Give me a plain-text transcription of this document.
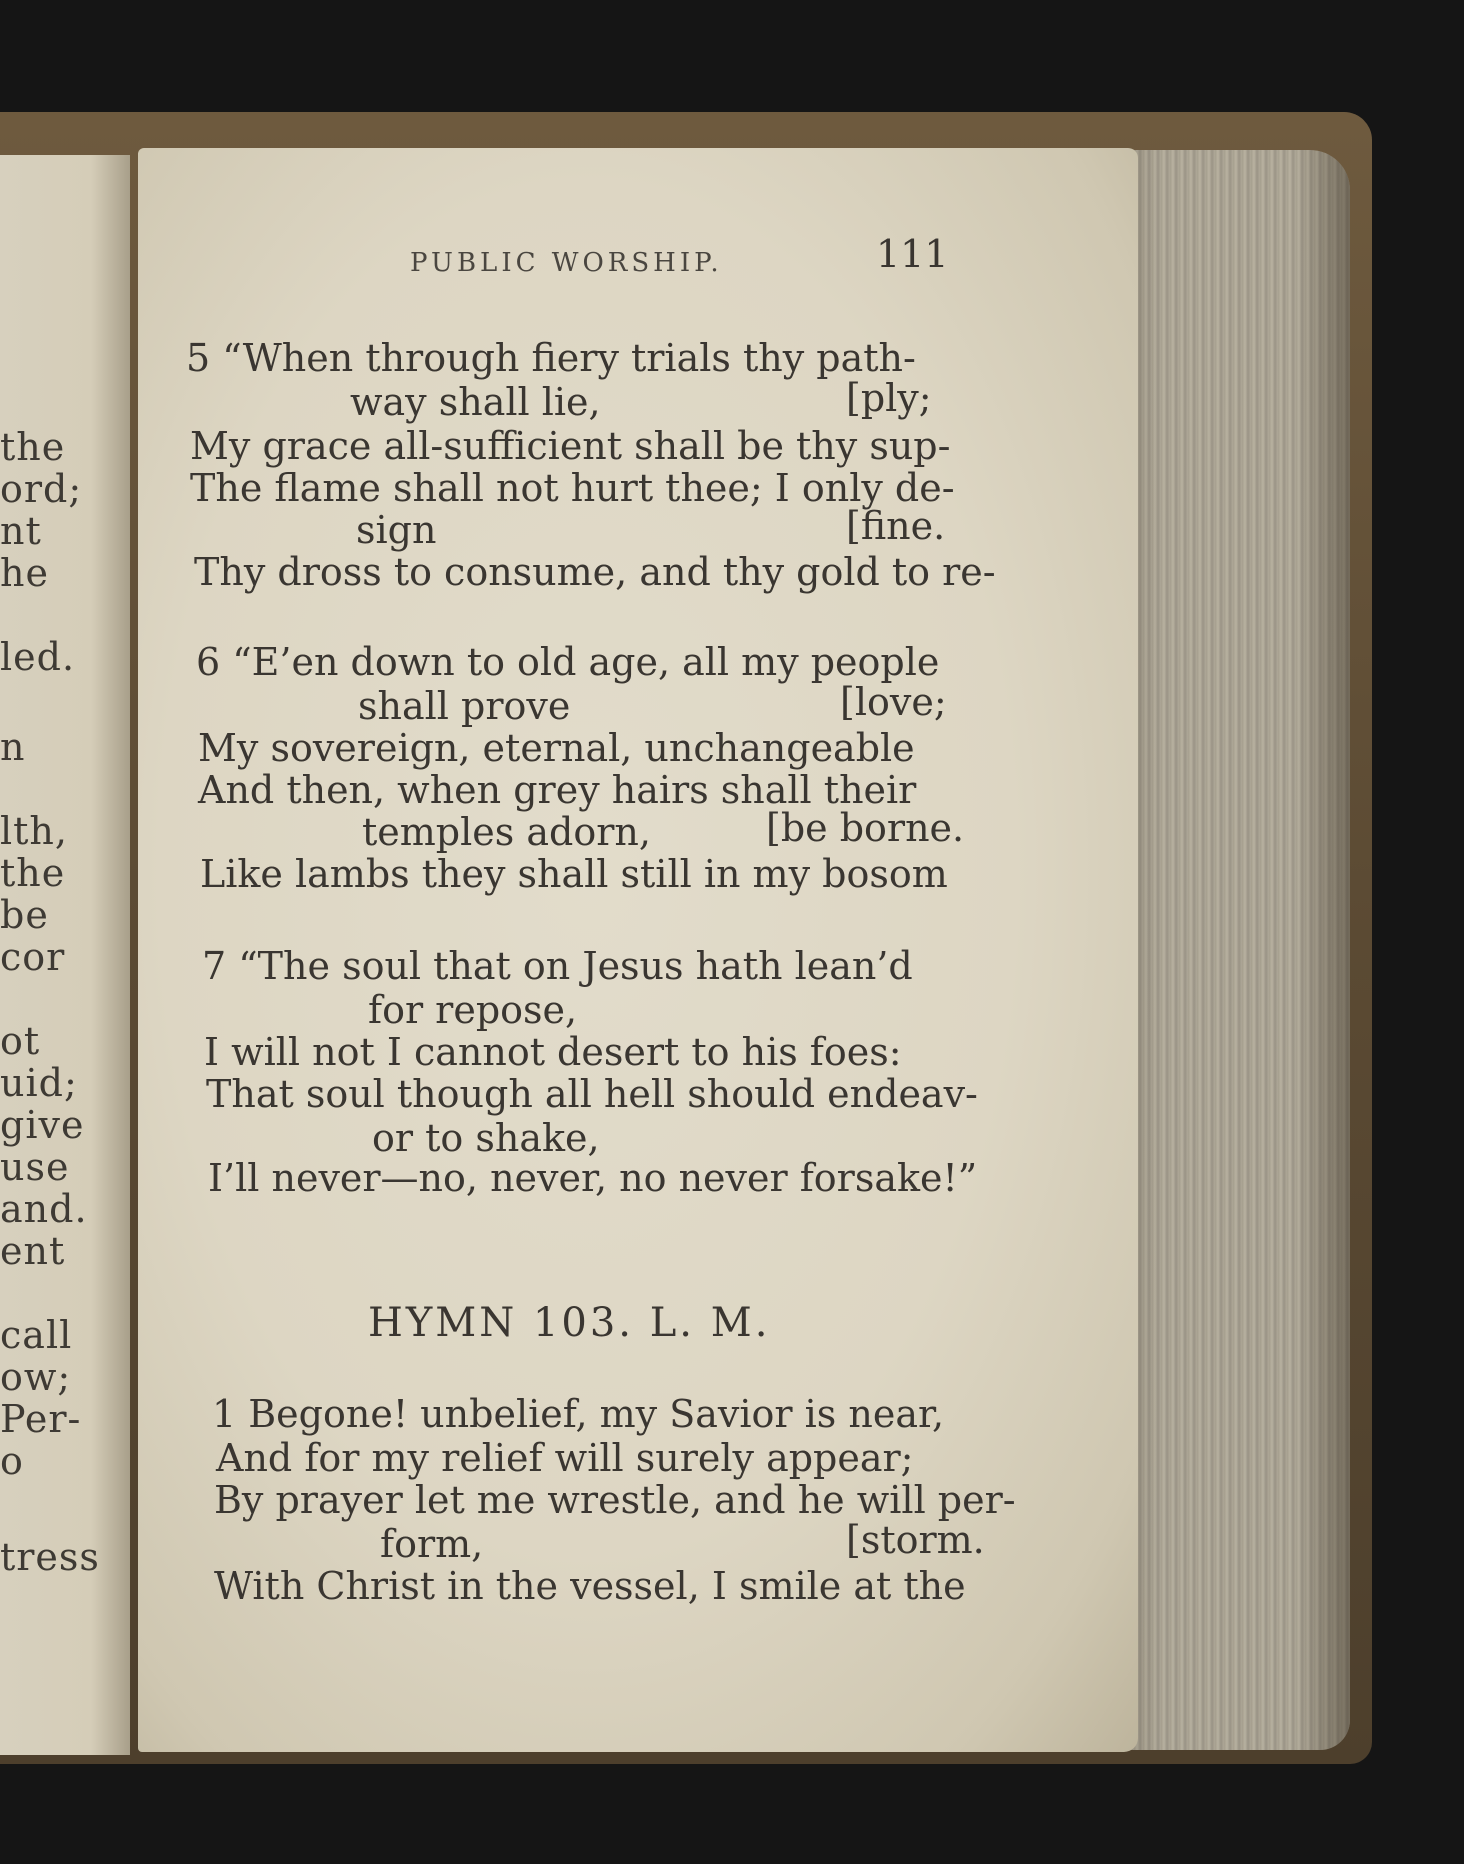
the
ord;
nt
he
led.
n
lth,
the
be
cor
ot
uid;
give
use
and.
ent
call
ow;
Per-
o
tress
PUBLIC WORSHIP.	111
5 “When through fiery trials thy path-
way shall lie,	[ply;
My grace all-sufficient shall be thy sup-
The flame shall not hurt thee; I only de-
sign	[fine.
Thy dross to consume, and thy gold to re-
6 “E’en down to old age, all my people
shall prove	[love;
My sovereign, eternal, unchangeable
And then, when grey hairs shall their
temples adorn,	[be borne.
Like lambs they shall still in my bosom
7 “The soul that on Jesus hath lean’d
for repose,
I will not I cannot desert to his foes:
That soul though all hell should endeav-
or to shake,
I’ll never—no, never, no never forsake!”
HYMN 103. L. M.
1 Begone! unbelief, my Savior is near,
And for my relief will surely appear;
By prayer let me wrestle, and he will per-
form,	[storm.
With Christ in the vessel, I smile at the
